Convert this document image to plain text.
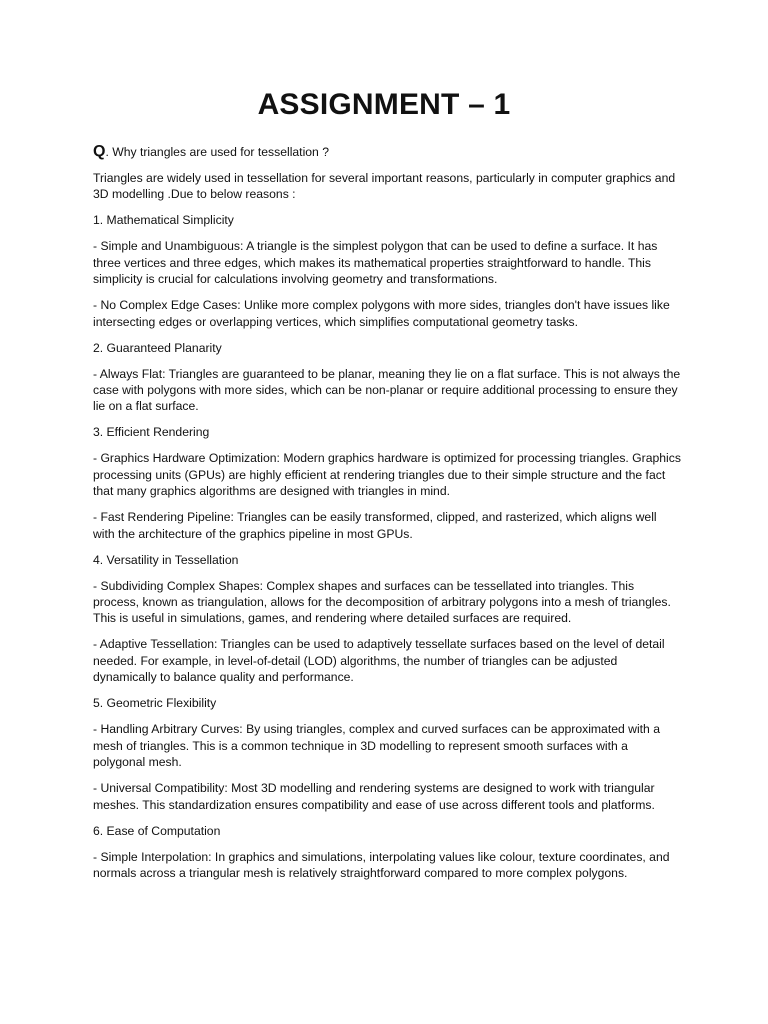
ASSIGNMENT – 1

Q. Why triangles are used for tessellation ?

Triangles are widely used in tessellation for several important reasons, particularly in computer graphics and 3D modelling .Due to below reasons :

1. Mathematical Simplicity

- Simple and Unambiguous: A triangle is the simplest polygon that can be used to define a surface. It has three vertices and three edges, which makes its mathematical properties straightforward to handle. This simplicity is crucial for calculations involving geometry and transformations.

- No Complex Edge Cases: Unlike more complex polygons with more sides, triangles don't have issues like intersecting edges or overlapping vertices, which simplifies computational geometry tasks.

2. Guaranteed Planarity

- Always Flat: Triangles are guaranteed to be planar, meaning they lie on a flat surface. This is not always the case with polygons with more sides, which can be non-planar or require additional processing to ensure they lie on a flat surface.

3. Efficient Rendering

- Graphics Hardware Optimization: Modern graphics hardware is optimized for processing triangles. Graphics processing units (GPUs) are highly efficient at rendering triangles due to their simple structure and the fact that many graphics algorithms are designed with triangles in mind.

- Fast Rendering Pipeline: Triangles can be easily transformed, clipped, and rasterized, which aligns well with the architecture of the graphics pipeline in most GPUs.

4. Versatility in Tessellation

- Subdividing Complex Shapes: Complex shapes and surfaces can be tessellated into triangles. This process, known as triangulation, allows for the decomposition of arbitrary polygons into a mesh of triangles. This is useful in simulations, games, and rendering where detailed surfaces are required.

- Adaptive Tessellation: Triangles can be used to adaptively tessellate surfaces based on the level of detail needed. For example, in level-of-detail (LOD) algorithms, the number of triangles can be adjusted dynamically to balance quality and performance.

5. Geometric Flexibility

- Handling Arbitrary Curves: By using triangles, complex and curved surfaces can be approximated with a mesh of triangles. This is a common technique in 3D modelling to represent smooth surfaces with a polygonal mesh.

- Universal Compatibility: Most 3D modelling and rendering systems are designed to work with triangular meshes. This standardization ensures compatibility and ease of use across different tools and platforms.

6. Ease of Computation

- Simple Interpolation: In graphics and simulations, interpolating values like colour, texture coordinates, and normals across a triangular mesh is relatively straightforward compared to more complex polygons.
